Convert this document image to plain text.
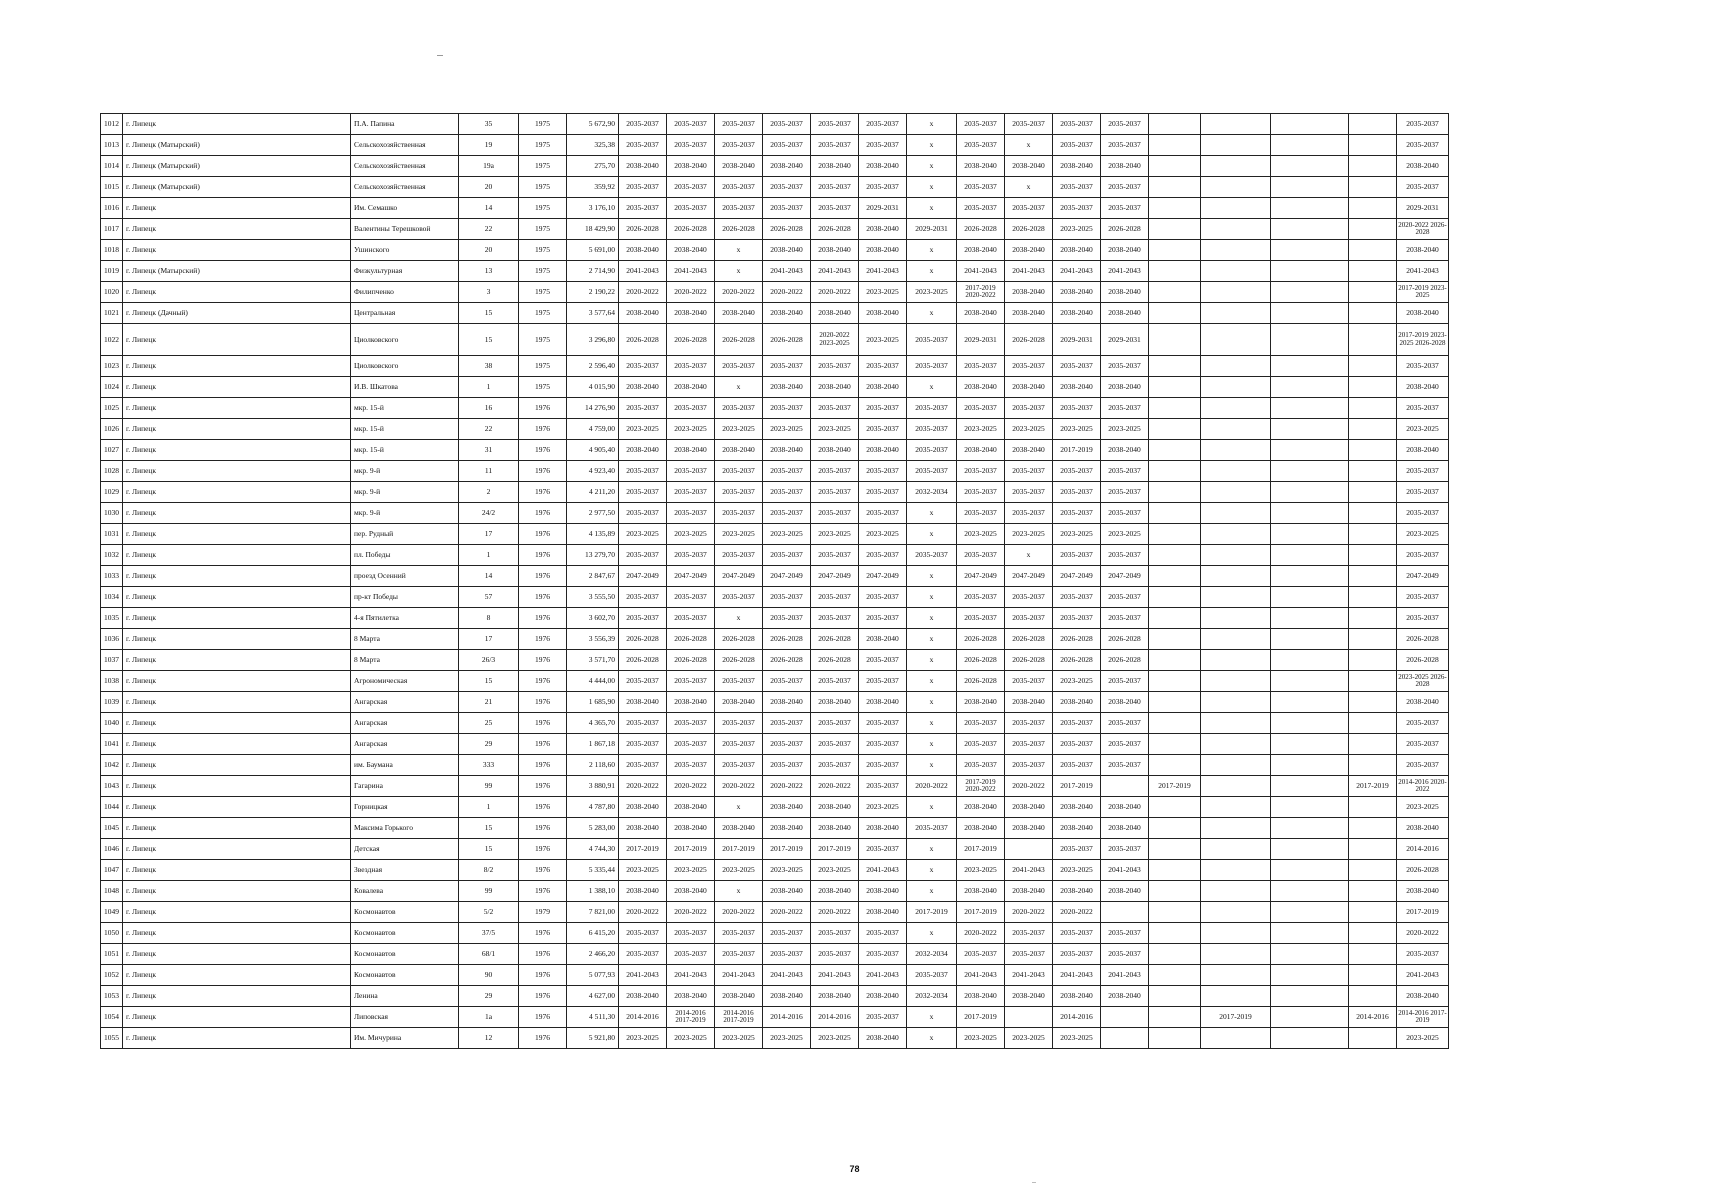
1012	г. Липецк	П.А. Папина	35	1975	5 672,90	2035-2037	2035-2037	2035-2037	2035-2037	2035-2037	2035-2037	x	2035-2037	2035-2037	2035-2037	2035-2037					2035-2037
1013	г. Липецк (Матырский)	Сельскохозяйственная	19	1975	325,38	2035-2037	2035-2037	2035-2037	2035-2037	2035-2037	2035-2037	x	2035-2037	x	2035-2037	2035-2037					2035-2037
1014	г. Липецк (Матырский)	Сельскохозяйственная	19а	1975	275,70	2038-2040	2038-2040	2038-2040	2038-2040	2038-2040	2038-2040	x	2038-2040	2038-2040	2038-2040	2038-2040					2038-2040
1015	г. Липецк (Матырский)	Сельскохозяйственная	20	1975	359,92	2035-2037	2035-2037	2035-2037	2035-2037	2035-2037	2035-2037	x	2035-2037	x	2035-2037	2035-2037					2035-2037
1016	г. Липецк	Им. Семашко	14	1975	3 176,10	2035-2037	2035-2037	2035-2037	2035-2037	2035-2037	2029-2031	x	2035-2037	2035-2037	2035-2037	2035-2037					2029-2031
1017	г. Липецк	Валентины Терешковой	22	1975	18 429,90	2026-2028	2026-2028	2026-2028	2026-2028	2026-2028	2038-2040	2029-2031	2026-2028	2026-2028	2023-2025	2026-2028					2020-2022 2026-2028
1018	г. Липецк	Ушинского	20	1975	5 691,00	2038-2040	2038-2040	x	2038-2040	2038-2040	2038-2040	x	2038-2040	2038-2040	2038-2040	2038-2040					2038-2040
1019	г. Липецк (Матырский)	Физкультурная	13	1975	2 714,90	2041-2043	2041-2043	x	2041-2043	2041-2043	2041-2043	x	2041-2043	2041-2043	2041-2043	2041-2043					2041-2043
1020	г. Липецк	Филипченко	3	1975	2 190,22	2020-2022	2020-2022	2020-2022	2020-2022	2020-2022	2023-2025	2023-2025	2017-2019 2020-2022	2038-2040	2038-2040	2038-2040					2017-2019 2023-2025
1021	г. Липецк (Дачный)	Центральная	15	1975	3 577,64	2038-2040	2038-2040	2038-2040	2038-2040	2038-2040	2038-2040	x	2038-2040	2038-2040	2038-2040	2038-2040					2038-2040
1022	г. Липецк	Циолковского	15	1975	3 296,80	2026-2028	2026-2028	2026-2028	2026-2028	2020-2022 2023-2025	2023-2025	2035-2037	2029-2031	2026-2028	2029-2031	2029-2031					2017-2019 2023-2025 2026-2028
1023	г. Липецк	Циолковского	38	1975	2 596,40	2035-2037	2035-2037	2035-2037	2035-2037	2035-2037	2035-2037	2035-2037	2035-2037	2035-2037	2035-2037	2035-2037					2035-2037
1024	г. Липецк	И.В. Шкатова	1	1975	4 015,90	2038-2040	2038-2040	x	2038-2040	2038-2040	2038-2040	x	2038-2040	2038-2040	2038-2040	2038-2040					2038-2040
1025	г. Липецк	мкр. 15-й	16	1976	14 276,90	2035-2037	2035-2037	2035-2037	2035-2037	2035-2037	2035-2037	2035-2037	2035-2037	2035-2037	2035-2037	2035-2037					2035-2037
1026	г. Липецк	мкр. 15-й	22	1976	4 759,00	2023-2025	2023-2025	2023-2025	2023-2025	2023-2025	2035-2037	2035-2037	2023-2025	2023-2025	2023-2025	2023-2025					2023-2025
1027	г. Липецк	мкр. 15-й	31	1976	4 905,40	2038-2040	2038-2040	2038-2040	2038-2040	2038-2040	2038-2040	2035-2037	2038-2040	2038-2040	2017-2019	2038-2040					2038-2040
1028	г. Липецк	мкр. 9-й	11	1976	4 923,40	2035-2037	2035-2037	2035-2037	2035-2037	2035-2037	2035-2037	2035-2037	2035-2037	2035-2037	2035-2037	2035-2037					2035-2037
1029	г. Липецк	мкр. 9-й	2	1976	4 211,20	2035-2037	2035-2037	2035-2037	2035-2037	2035-2037	2035-2037	2032-2034	2035-2037	2035-2037	2035-2037	2035-2037					2035-2037
1030	г. Липецк	мкр. 9-й	24/2	1976	2 977,50	2035-2037	2035-2037	2035-2037	2035-2037	2035-2037	2035-2037	x	2035-2037	2035-2037	2035-2037	2035-2037					2035-2037
1031	г. Липецк	пер. Рудный	17	1976	4 135,89	2023-2025	2023-2025	2023-2025	2023-2025	2023-2025	2023-2025	x	2023-2025	2023-2025	2023-2025	2023-2025					2023-2025
1032	г. Липецк	пл. Победы	1	1976	13 279,70	2035-2037	2035-2037	2035-2037	2035-2037	2035-2037	2035-2037	2035-2037	2035-2037	x	2035-2037	2035-2037					2035-2037
1033	г. Липецк	проезд Осенний	14	1976	2 847,67	2047-2049	2047-2049	2047-2049	2047-2049	2047-2049	2047-2049	x	2047-2049	2047-2049	2047-2049	2047-2049					2047-2049
1034	г. Липецк	пр-кт Победы	57	1976	3 555,50	2035-2037	2035-2037	2035-2037	2035-2037	2035-2037	2035-2037	x	2035-2037	2035-2037	2035-2037	2035-2037					2035-2037
1035	г. Липецк	4-я Пятилетка	8	1976	3 602,70	2035-2037	2035-2037	x	2035-2037	2035-2037	2035-2037	x	2035-2037	2035-2037	2035-2037	2035-2037					2035-2037
1036	г. Липецк	8 Марта	17	1976	3 556,39	2026-2028	2026-2028	2026-2028	2026-2028	2026-2028	2038-2040	x	2026-2028	2026-2028	2026-2028	2026-2028					2026-2028
1037	г. Липецк	8 Марта	26/3	1976	3 571,70	2026-2028	2026-2028	2026-2028	2026-2028	2026-2028	2035-2037	x	2026-2028	2026-2028	2026-2028	2026-2028					2026-2028
1038	г. Липецк	Агрономическая	15	1976	4 444,00	2035-2037	2035-2037	2035-2037	2035-2037	2035-2037	2035-2037	x	2026-2028	2035-2037	2023-2025	2035-2037					2023-2025 2026-2028
1039	г. Липецк	Ангарская	21	1976	1 685,90	2038-2040	2038-2040	2038-2040	2038-2040	2038-2040	2038-2040	x	2038-2040	2038-2040	2038-2040	2038-2040					2038-2040
1040	г. Липецк	Ангарская	25	1976	4 365,70	2035-2037	2035-2037	2035-2037	2035-2037	2035-2037	2035-2037	x	2035-2037	2035-2037	2035-2037	2035-2037					2035-2037
1041	г. Липецк	Ангарская	29	1976	1 867,18	2035-2037	2035-2037	2035-2037	2035-2037	2035-2037	2035-2037	x	2035-2037	2035-2037	2035-2037	2035-2037					2035-2037
1042	г. Липецк	им. Баумана	333	1976	2 118,60	2035-2037	2035-2037	2035-2037	2035-2037	2035-2037	2035-2037	x	2035-2037	2035-2037	2035-2037	2035-2037					2035-2037
1043	г. Липецк	Гагарина	99	1976	3 880,91	2020-2022	2020-2022	2020-2022	2020-2022	2020-2022	2035-2037	2020-2022	2017-2019 2020-2022	2020-2022	2017-2019		2017-2019			2017-2019	2014-2016 2020-2022
1044	г. Липецк	Горницкая	1	1976	4 787,80	2038-2040	2038-2040	x	2038-2040	2038-2040	2023-2025	x	2038-2040	2038-2040	2038-2040	2038-2040					2023-2025
1045	г. Липецк	Максима Горького	15	1976	5 283,00	2038-2040	2038-2040	2038-2040	2038-2040	2038-2040	2038-2040	2035-2037	2038-2040	2038-2040	2038-2040	2038-2040					2038-2040
1046	г. Липецк	Детская	15	1976	4 744,30	2017-2019	2017-2019	2017-2019	2017-2019	2017-2019	2035-2037	x	2017-2019		2035-2037	2035-2037					2014-2016
1047	г. Липецк	Звездная	8/2	1976	5 335,44	2023-2025	2023-2025	2023-2025	2023-2025	2023-2025	2041-2043	x	2023-2025	2041-2043	2023-2025	2041-2043					2026-2028
1048	г. Липецк	Ковалева	99	1976	1 388,10	2038-2040	2038-2040	x	2038-2040	2038-2040	2038-2040	x	2038-2040	2038-2040	2038-2040	2038-2040					2038-2040
1049	г. Липецк	Космонавтов	5/2	1979	7 821,00	2020-2022	2020-2022	2020-2022	2020-2022	2020-2022	2038-2040	2017-2019	2017-2019	2020-2022	2020-2022						2017-2019
1050	г. Липецк	Космонавтов	37/5	1976	6 415,20	2035-2037	2035-2037	2035-2037	2035-2037	2035-2037	2035-2037	x	2020-2022	2035-2037	2035-2037	2035-2037					2020-2022
1051	г. Липецк	Космонавтов	68/1	1976	2 466,20	2035-2037	2035-2037	2035-2037	2035-2037	2035-2037	2035-2037	2032-2034	2035-2037	2035-2037	2035-2037	2035-2037					2035-2037
1052	г. Липецк	Космонавтов	90	1976	5 077,93	2041-2043	2041-2043	2041-2043	2041-2043	2041-2043	2041-2043	2035-2037	2041-2043	2041-2043	2041-2043	2041-2043					2041-2043
1053	г. Липецк	Ленина	29	1976	4 627,00	2038-2040	2038-2040	2038-2040	2038-2040	2038-2040	2038-2040	2032-2034	2038-2040	2038-2040	2038-2040	2038-2040					2038-2040
1054	г. Липецк	Липовская	1а	1976	4 511,30	2014-2016	2014-2016 2017-2019	2014-2016 2017-2019	2014-2016	2014-2016	2035-2037	x	2017-2019		2014-2016			2017-2019		2014-2016	2014-2016 2017-2019
1055	г. Липецк	Им. Мичурина	12	1976	5 921,80	2023-2025	2023-2025	2023-2025	2023-2025	2023-2025	2038-2040	x	2023-2025	2023-2025	2023-2025						2023-2025
78
